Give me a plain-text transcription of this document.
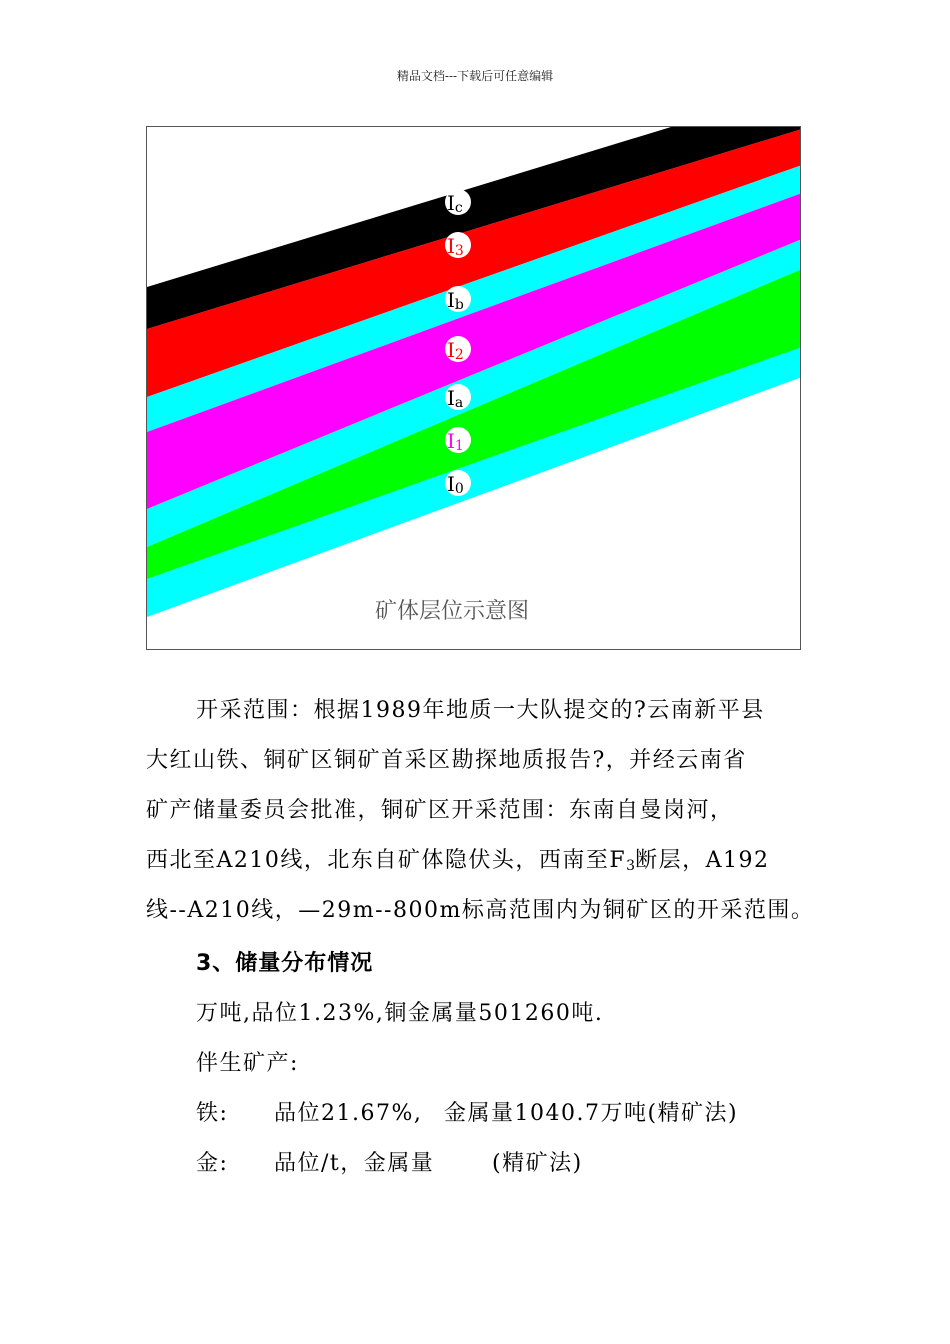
精品文档---下载后可任意编辑
Ic
I3
Ib
I2
Ia
I1
I0
矿体层位示意图
开采范围：根据1989年地质一大队提交的?云南新平县
大红山铁、铜矿区铜矿首采区勘探地质报告?，并经云南省
矿产储量委员会批准，铜矿区开采范围：东南自曼岗河，
西北至A210线，北东自矿体隐伏头，西南至$F_3$断层，A192
线--A210线，—29m--800m标高范围内为铜矿区的开采范围。
3、储量分布情况
万吨,品位1.23%,铜金属量501260吨.
伴生矿产:
铁: 品位21.67%, 金属量1040.7万吨(精矿法)
金: 品位/t，金属量	(精矿法)
